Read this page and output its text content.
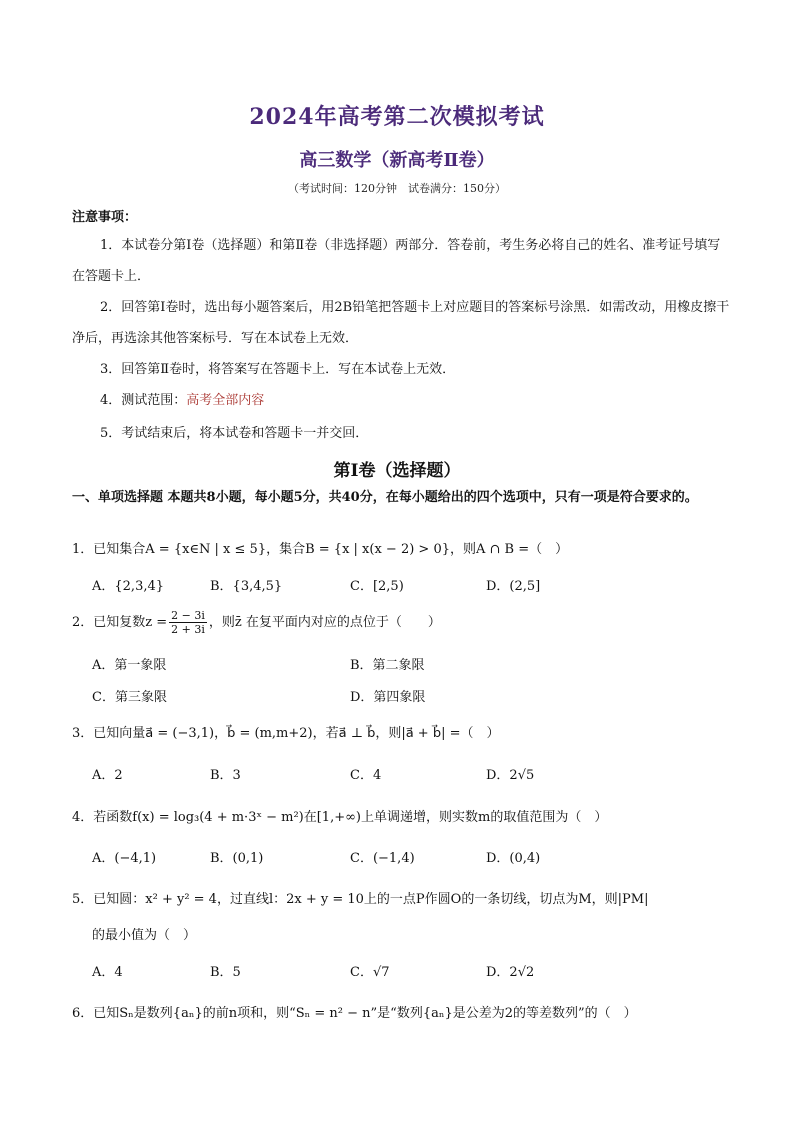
2024年高考第二次模拟考试
高三数学（新高考Ⅱ卷）
（考试时间：120分钟　试卷满分：150分）
注意事项：
1．本试卷分第Ⅰ卷（选择题）和第Ⅱ卷（非选择题）两部分．答卷前，考生务必将自己的姓名、准考证号填写在答题卡上．
2．回答第Ⅰ卷时，选出每小题答案后，用2B铅笔把答题卡上对应题目的答案标号涂黑．如需改动，用橡皮擦干净后，再选涂其他答案标号．写在本试卷上无效．
3．回答第Ⅱ卷时，将答案写在答题卡上．写在本试卷上无效．
4．测试范围：高考全部内容
5．考试结束后，将本试卷和答题卡一并交回．
第Ⅰ卷（选择题）
一、单项选择题 本题共8小题，每小题5分，共40分，在每小题给出的四个选项中，只有一项是符合要求的。
1．已知集合A = {x∈N | x ≤ 5}，集合B = {x | x(x − 2) > 0}，则A ∩ B =（　）
A．{2,3,4}	B．{3,4,5}	C．[2,5)	D．(2,5]
2．已知复数$z = \frac{2 - 3i}{2 + 3i}$ ，则z̄ 在复平面内对应的点位于（　　）
A．第一象限	B．第二象限
C．第三象限	D．第四象限
3．已知向量a⃗ = (−3,1)，b⃗ = (m,m+2)，若a⃗ ⊥ b⃗，则|a⃗ + b⃗| =（　）
A．2	B．3	C．4	D．2√5
4．若函数f(x) = log₃(4 + m·3ˣ − m²)在[1,+∞)上单调递增，则实数m的取值范围为（　）
A．(−4,1)	B．(0,1)	C．(−1,4)	D．(0,4)
5．已知圆：x² + y² = 4，过直线l：2x + y = 10上的一点P作圆O的一条切线，切点为M，则|PM|
的最小值为（　）
A．4	B．5	C．√7	D．2√2
6．已知Sₙ是数列{aₙ}的前n项和，则“Sₙ = n² − n”是“数列{aₙ}是公差为2的等差数列”的（　）
